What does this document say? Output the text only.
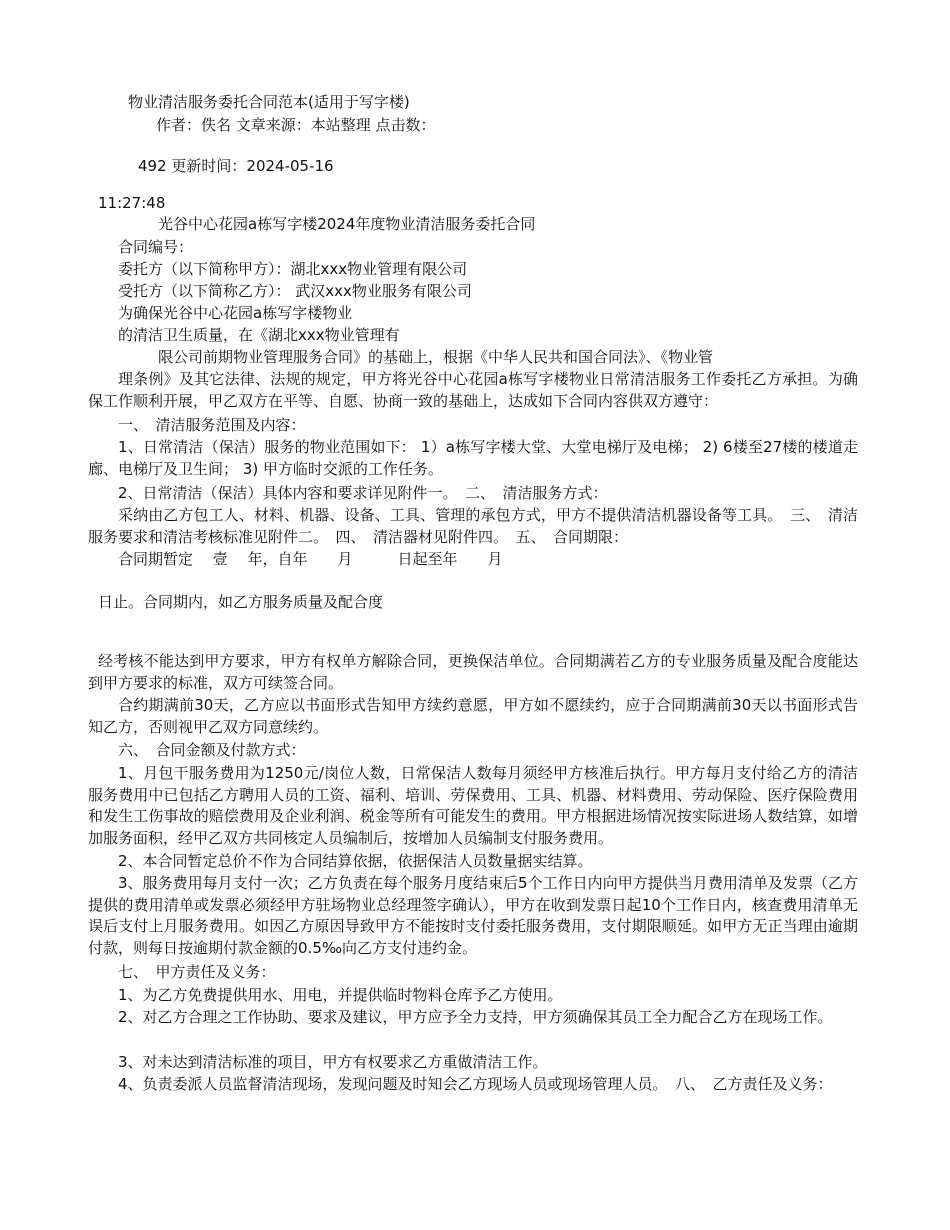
物业清洁服务委托合同范本(适用于写字楼)
作者：佚名 文章来源：本站整理 点击数：
492 更新时间：2024-05-16
11:27:48
光谷中心花园a栋写字楼2024年度物业清洁服务委托合同
合同编号：
委托方（以下简称甲方）：湖北xxx物业管理有限公司
受托方（以下简称乙方）： 武汉xxx物业服务有限公司
为确保光谷中心花园a栋写字楼物业
的清洁卫生质量，在《湖北xxx物业管理有
限公司前期物业管理服务合同》的基础上，根据《中华人民共和国合同法》、《物业管
理条例》及其它法律、法规的规定，甲方将光谷中心花园a栋写字楼物业日常清洁服务工作委托乙方承担。为确保工作顺利开展，甲乙双方在平等、自愿、协商一致的基础上，达成如下合同内容供双方遵守：
一、　清洁服务范围及内容：
1、日常清洁（保洁）服务的物业范围如下： 1）a栋写字楼大堂、大堂电梯厅及电梯； 2) 6楼至27楼的楼道走廊、电梯厅及卫生间； 3) 甲方临时交派的工作任务。
2、日常清洁（保洁）具体内容和要求详见附件一。　二、　清洁服务方式：
采纳由乙方包工人、材料、机器、设备、工具、管理的承包方式，甲方不提供清洁机器设备等工具。　三、　清洁服务要求和清洁考核标准见附件二。　四、　清洁器材见附件四。　五、　合同期限：
合同期暂定　 壹　 年，自年　　月　　　日起至年　　月
日止。合同期内，如乙方服务质量及配合度
经考核不能达到甲方要求，甲方有权单方解除合同，更换保洁单位。合同期满若乙方的专业服务质量及配合度能达到甲方要求的标准，双方可续签合同。
合约期满前30天，乙方应以书面形式告知甲方续约意愿，甲方如不愿续约，应于合同期满前30天以书面形式告知乙方，否则视甲乙双方同意续约。
六、　合同金额及付款方式：
1、月包干服务费用为1250元/岗位人数，日常保洁人数每月须经甲方核准后执行。甲方每月支付给乙方的清洁服务费用中已包括乙方聘用人员的工资、福利、培训、劳保费用、工具、机器、材料费用、劳动保险、医疗保险费用和发生工伤事故的赔偿费用及企业利润、税金等所有可能发生的费用。甲方根据进场情况按实际进场人数结算，如增加服务面积，经甲乙双方共同核定人员编制后，按增加人员编制支付服务费用。
2、本合同暂定总价不作为合同结算依据，依据保洁人员数量据实结算。
3、服务费用每月支付一次；乙方负责在每个服务月度结束后5个工作日内向甲方提供当月费用清单及发票（乙方提供的费用清单或发票必须经甲方驻场物业总经理签字确认），甲方在收到发票日起10个工作日内，核查费用清单无误后支付上月服务费用。如因乙方原因导致甲方不能按时支付委托服务费用，支付期限顺延。如甲方无正当理由逾期付款，则每日按逾期付款金额的0.5‰向乙方支付违约金。
七、　甲方责任及义务：
1、为乙方免费提供用水、用电，并提供临时物料仓库予乙方使用。
2、对乙方合理之工作协助、要求及建议，甲方应予全力支持，甲方须确保其员工全力配合乙方在现场工作。
3、对未达到清洁标准的项目，甲方有权要求乙方重做清洁工作。
4、负责委派人员监督清洁现场，发现问题及时知会乙方现场人员或现场管理人员。　八、　乙方责任及义务：
